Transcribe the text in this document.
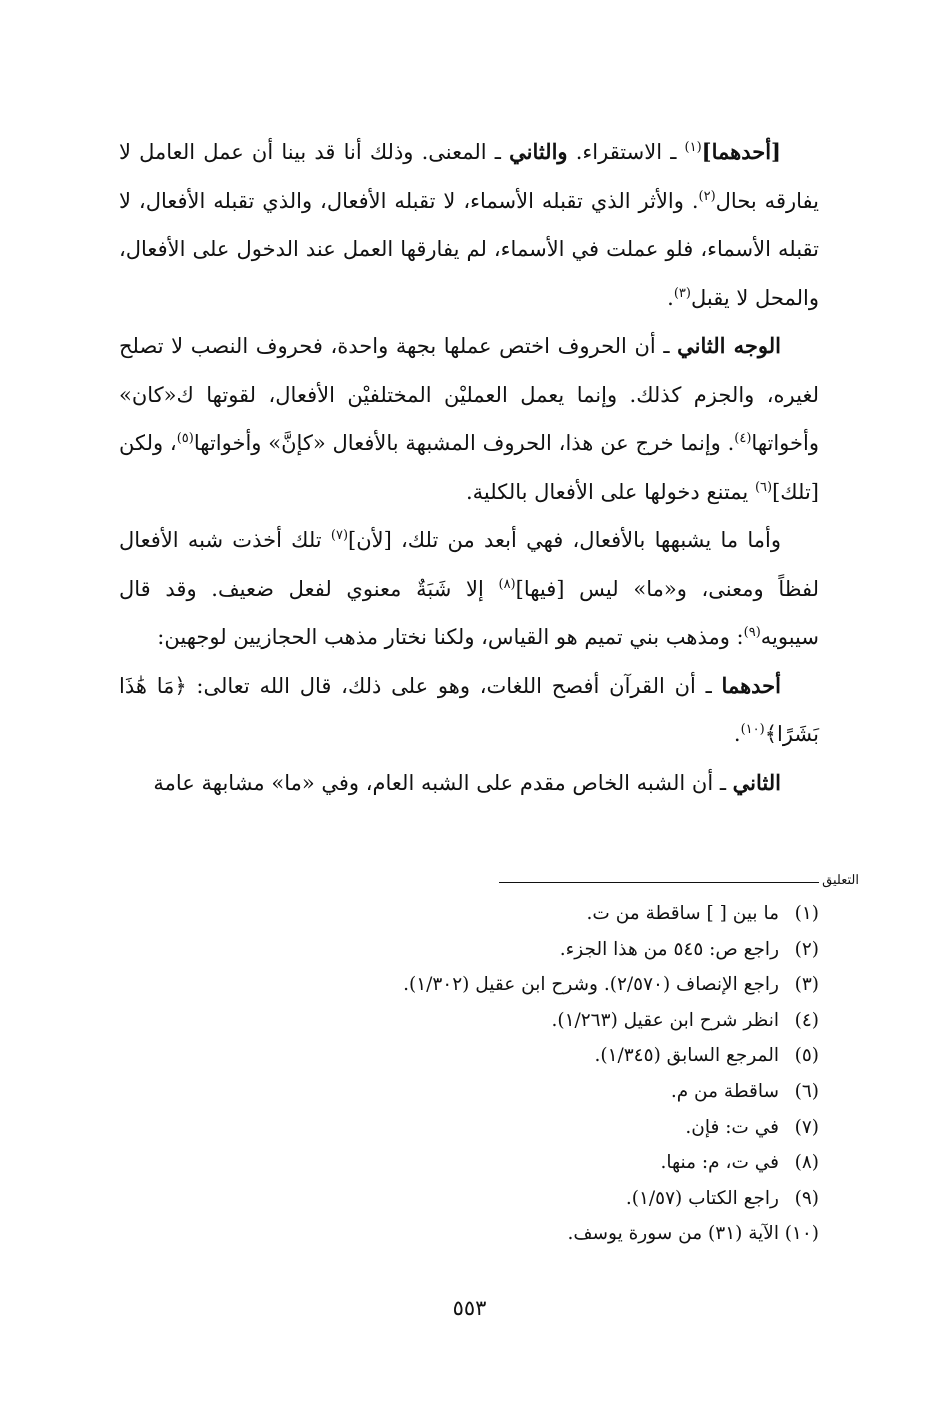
[أحدهما]$^{(١)}$ ـ الاستقراء. والثاني ـ المعنى. وذلك أنا قد بينا أن عمل العامل لا يفارقه بحال$^{(٢)}$. والأثر الذي تقبله الأسماء، لا تقبله الأفعال، والذي تقبله الأفعال، لا تقبله الأسماء، فلو عملت في الأسماء، لم يفارقها العمل عند الدخول على الأفعال، والمحل لا يقبل$^{(٣)}$.

الوجه الثاني ـ أن الحروف اختص عملها بجهة واحدة، فحروف النصب لا تصلح لغيره، والجزم كذلك. وإنما يعمل العمليْن المختلفيْن الأفعال، لقوتها ك«كان» وأخواتها$^{(٤)}$. وإنما خرج عن هذا، الحروف المشبهة بالأفعال «كإنَّ» وأخواتها$^{(٥)}$، ولكن [تلك]$^{(٦)}$ يمتنع دخولها على الأفعال بالكلية.

وأما ما يشبهها بالأفعال، فهي أبعد من تلك، [لأن]$^{(٧)}$ تلك أخذت شبه الأفعال لفظاً ومعنى، و«ما» ليس [فيها]$^{(٨)}$ إلا شَبَةٌ معنوي لفعل ضعيف. وقد قال سيبويه$^{(٩)}$: ومذهب بني تميم هو القياس، ولكنا نختار مذهب الحجازيين لوجهين:

أحدهما ـ أن القرآن أفصح اللغات، وهو على ذلك، قال الله تعالى: ﴿مَا هَٰذَا بَشَرًا﴾$^{(١٠)}$.

الثاني ـ أن الشبه الخاص مقدم على الشبه العام، وفي «ما» مشابهة عامة

التعليق
(١)ما بين [ ] ساقطة من ت.
(٢)راجع ص: ٥٤٥ من هذا الجزء.
(٣)راجع الإنصاف (٢/٥٧٠). وشرح ابن عقيل (١/٣٠٢).
(٤)انظر شرح ابن عقيل (١/٢٦٣).
(٥)المرجع السابق (١/٣٤٥).
(٦)ساقطة من م.
(٧)في ت: فإن.
(٨)في ت، م: منها.
(٩)راجع الكتاب (١/٥٧).
(١٠)الآية (٣١) من سورة يوسف.
٥٥٣
